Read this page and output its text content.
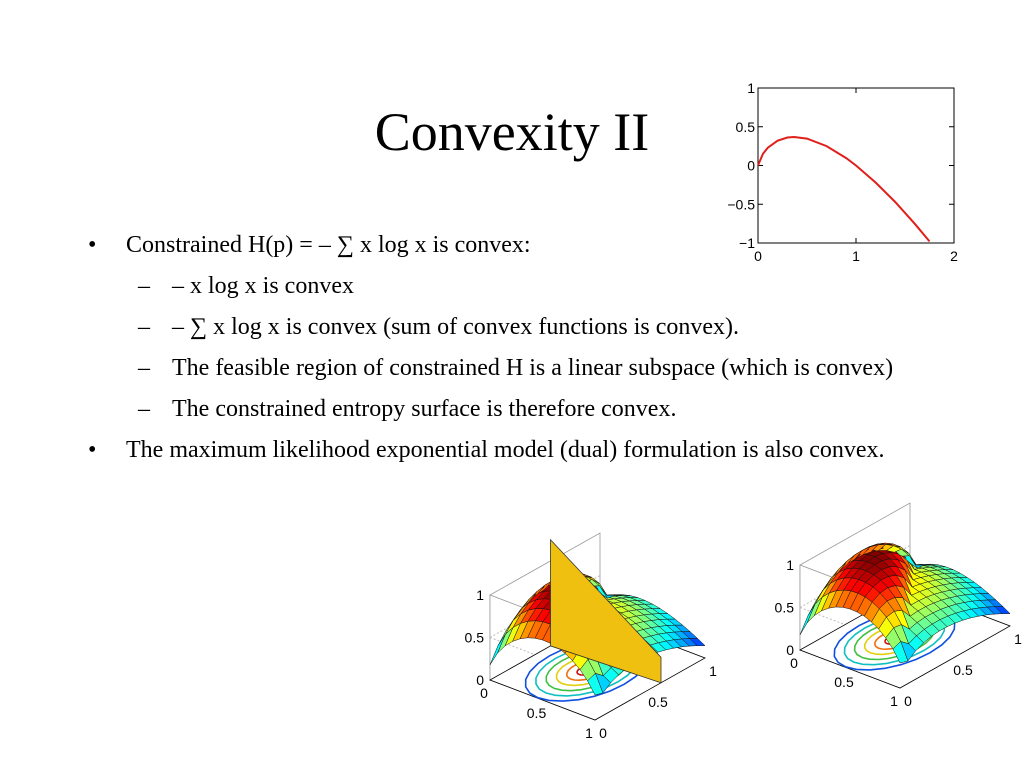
Convexity II
• Constrained H(p) = – ∑ x log x is convex:
– – x log x is convex
– – ∑ x log x is convex (sum of convex functions is convex).
– The feasible region of constrained H is a linear subspace (which is convex)
– The constrained entropy surface is therefore convex.
• The maximum likelihood exponential model (dual) formulation is also convex.
1
0.5
0
−0.5
−1
0	1	2
1
0.5
0
0
0.5
1 0
0.5
1
1
0.5
0
0
0.5
1 0
0.5
1
